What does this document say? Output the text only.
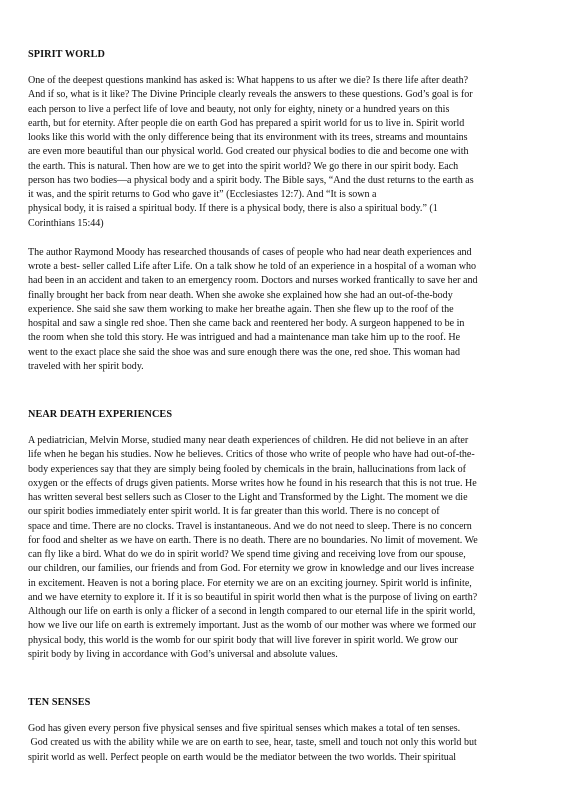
SPIRIT WORLD

One of the deepest questions mankind has asked is: What happens to us after we die? Is there life after death?
And if so, what is it like? The Divine Principle clearly reveals the answers to these questions. God’s goal is for
each person to live a perfect life of love and beauty, not only for eighty, ninety or a hundred years on this
earth, but for eternity. After people die on earth God has prepared a spirit world for us to live in. Spirit world
looks like this world with the only difference being that its environment with its trees, streams and mountains
are even more beautiful than our physical world. God created our physical bodies to die and become one with
the earth. This is natural. Then how are we to get into the spirit world? We go there in our spirit body. Each
person has two bodies—a physical body and a spirit body. The Bible says, “And the dust returns to the earth as
it was, and the spirit returns to God who gave it” (Ecclesiastes 12:7). And “It is sown a
physical body, it is raised a spiritual body. If there is a physical body, there is also a spiritual body.” (1
Corinthians 15:44)

The author Raymond Moody has researched thousands of cases of people who had near death experiences and
wrote a best- seller called Life after Life. On a talk show he told of an experience in a hospital of a woman who
had been in an accident and taken to an emergency room. Doctors and nurses worked frantically to save her and
finally brought her back from near death. When she awoke she explained how she had an out-of-the-body
experience. She said she saw them working to make her breathe again. Then she flew up to the roof of the
hospital and saw a single red shoe. Then she came back and reentered her body. A surgeon happened to be in
the room when she told this story. He was intrigued and had a maintenance man take him up to the roof. He
went to the exact place she said the shoe was and sure enough there was the one, red shoe. This woman had
traveled with her spirit body.

NEAR DEATH EXPERIENCES

A pediatrician, Melvin Morse, studied many near death experiences of children. He did not believe in an after
life when he began his studies. Now he believes. Critics of those who write of people who have had out-of-the-
body experiences say that they are simply being fooled by chemicals in the brain, hallucinations from lack of
oxygen or the effects of drugs given patients. Morse writes how he found in his research that this is not true. He
has written several best sellers such as Closer to the Light and Transformed by the Light. The moment we die
our spirit bodies immediately enter spirit world. It is far greater than this world. There is no concept of
space and time. There are no clocks. Travel is instantaneous. And we do not need to sleep. There is no concern
for food and shelter as we have on earth. There is no death. There are no boundaries. No limit of movement. We
can fly like a bird. What do we do in spirit world? We spend time giving and receiving love from our spouse,
our children, our families, our friends and from God. For eternity we grow in knowledge and our lives increase
in excitement. Heaven is not a boring place. For eternity we are on an exciting journey. Spirit world is infinite,
and we have eternity to explore it. If it is so beautiful in spirit world then what is the purpose of living on earth?
Although our life on earth is only a flicker of a second in length compared to our eternal life in the spirit world,
how we live our life on earth is extremely important. Just as the womb of our mother was where we formed our
physical body, this world is the womb for our spirit body that will live forever in spirit world. We grow our
spirit body by living in accordance with God’s universal and absolute values.

TEN SENSES

God has given every person five physical senses and five spiritual senses which makes a total of ten senses.
God created us with the ability while we are on earth to see, hear, taste, smell and touch not only this world but
spirit world as well. Perfect people on earth would be the mediator between the two worlds. Their spiritual
